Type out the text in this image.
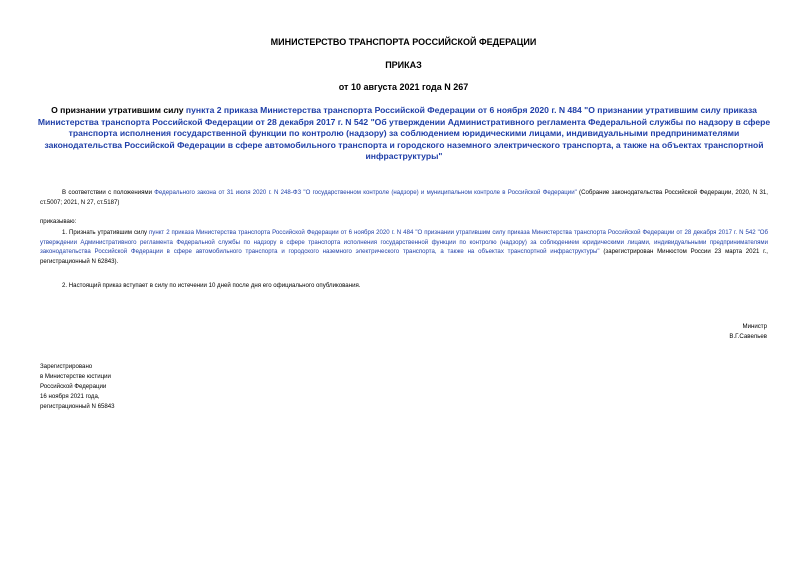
МИНИСТЕРСТВО ТРАНСПОРТА РОССИЙСКОЙ ФЕДЕРАЦИИ
ПРИКАЗ
от 10 августа 2021 года N 267
О признании утратившим силу пункта 2 приказа Министерства транспорта Российской Федерации от 6 ноября 2020 г. N 484 "О признании утратившим силу приказа Министерства транспорта Российской Федерации от 28 декабря 2017 г. N 542 "Об утверждении Административного регламента Федеральной службы по надзору в сфере транспорта исполнения государственной функции по контролю (надзору) за соблюдением юридическими лицами, индивидуальными предпринимателями законодательства Российской Федерации в сфере автомобильного транспорта и городского наземного электрического транспорта, а также на объектах транспортной инфраструктуры"
В соответствии с положениями Федерального закона от 31 июля 2020 г. N 248-ФЗ "О государственном контроле (надзоре) и муниципальном контроле в Российской Федерации" (Собрание законодательства Российской Федерации, 2020, N 31, ст.5007; 2021, N 27, ст.5187)
приказываю:
1. Признать утратившим силу пункт 2 приказа Министерства транспорта Российской Федерации от 6 ноября 2020 г. N 484 "О признании утратившим силу приказа Министерства транспорта Российской Федерации от 28 декабря 2017 г. N 542 "Об утверждении Административного регламента Федеральной службы по надзору в сфере транспорта исполнения государственной функции по контролю (надзору) за соблюдением юридическими лицами, индивидуальными предпринимателями законодательства Российской Федерации в сфере автомобильного транспорта и городского наземного электрического транспорта, а также на объектах транспортной инфраструктуры" (зарегистрирован Минюстом России 23 марта 2021 г., регистрационный N 62843).
2. Настоящий приказ вступает в силу по истечении 10 дней после дня его официального опубликования.
Министр
В.Г.Савельев
Зарегистрировано
в Министерстве юстиции
Российской Федерации
16 ноября 2021 года,
регистрационный N 65843
